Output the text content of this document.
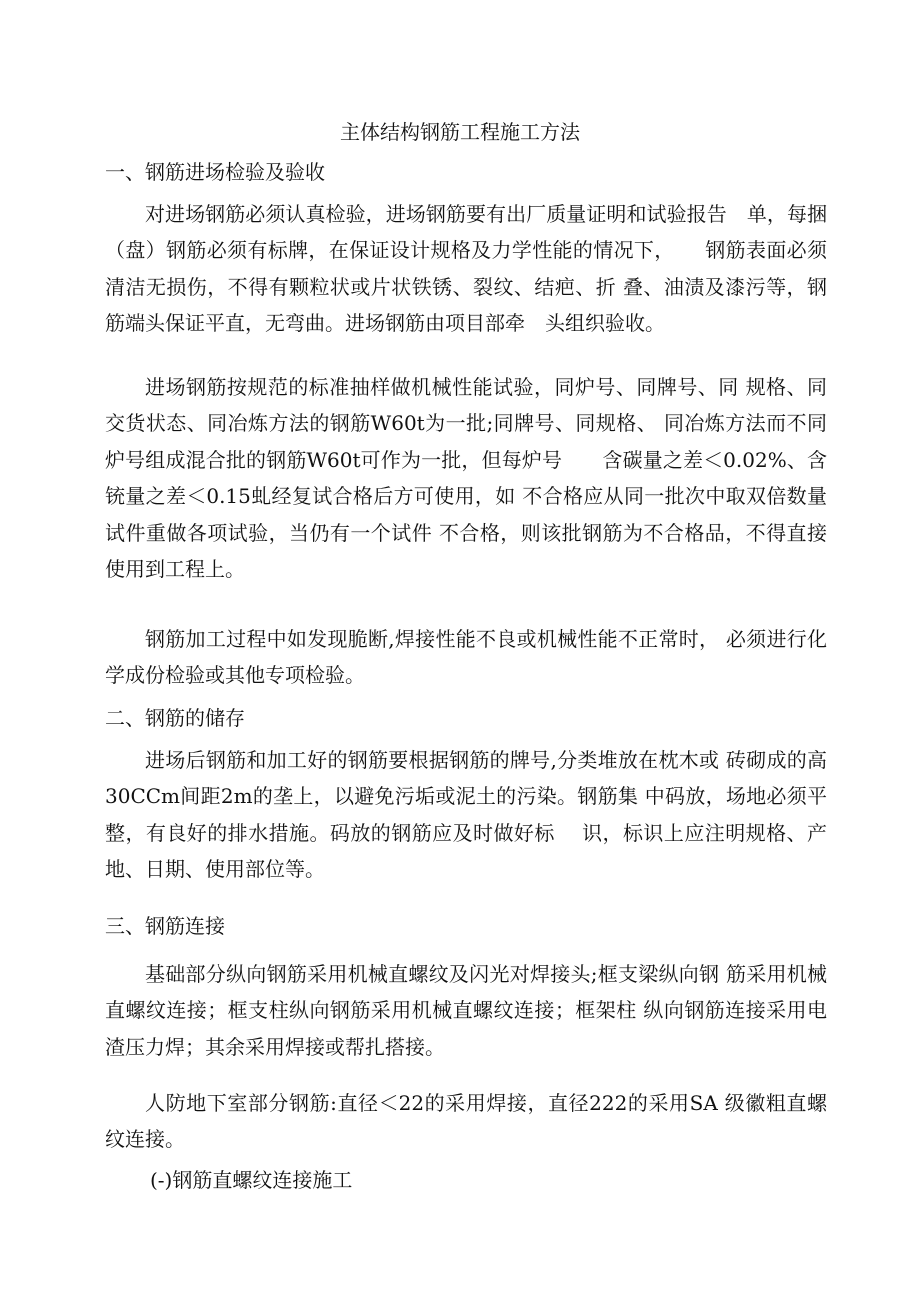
主体结构钢筋工程施工方法
一、钢筋进场检验及验收

对进场钢筋必须认真检验，进场钢筋要有出厂质量证明和试验报告　单，每捆（盘）钢筋必须有标牌，在保证设计规格及力学性能的情况下，　　钢筋表面必须清洁无损伤，不得有颗粒状或片状铁锈、裂纹、结疤、折 叠、油渍及漆污等，钢筋端头保证平直，无弯曲。进场钢筋由项目部牵　头组织验收。

进场钢筋按规范的标准抽样做机械性能试验，同炉号、同牌号、同 规格、同交货状态、同冶炼方法的钢筋W60t为一批;同牌号、同规格、 同冶炼方法而不同炉号组成混合批的钢筋W60t可作为一批，但每炉号　　含碳量之差＜0.02%、含铳量之差＜0.15虬经复试合格后方可使用，如 不合格应从同一批次中取双倍数量试件重做各项试验，当仍有一个试件 不合格，则该批钢筋为不合格品，不得直接使用到工程上。

钢筋加工过程中如发现脆断,焊接性能不良或机械性能不正常时， 必须进行化学成份检验或其他专项检验。

二、钢筋的储存

进场后钢筋和加工好的钢筋要根据钢筋的牌号,分类堆放在枕木或 砖砌成的高30CCm间距2m的垄上，以避免污垢或泥土的污染。钢筋集 中码放，场地必须平整，有良好的排水措施。码放的钢筋应及时做好标　 识，标识上应注明规格、产地、日期、使用部位等。

三、钢筋连接

基础部分纵向钢筋采用机械直螺纹及闪光对焊接头;框支梁纵向钢 筋采用机械直螺纹连接；框支柱纵向钢筋采用机械直螺纹连接；框架柱 纵向钢筋连接采用电渣压力焊；其余采用焊接或帮扎搭接。

人防地下室部分钢筋:直径＜22的采用焊接，直径222的采用SA 级徽粗直螺纹连接。

(-)钢筋直螺纹连接施工
